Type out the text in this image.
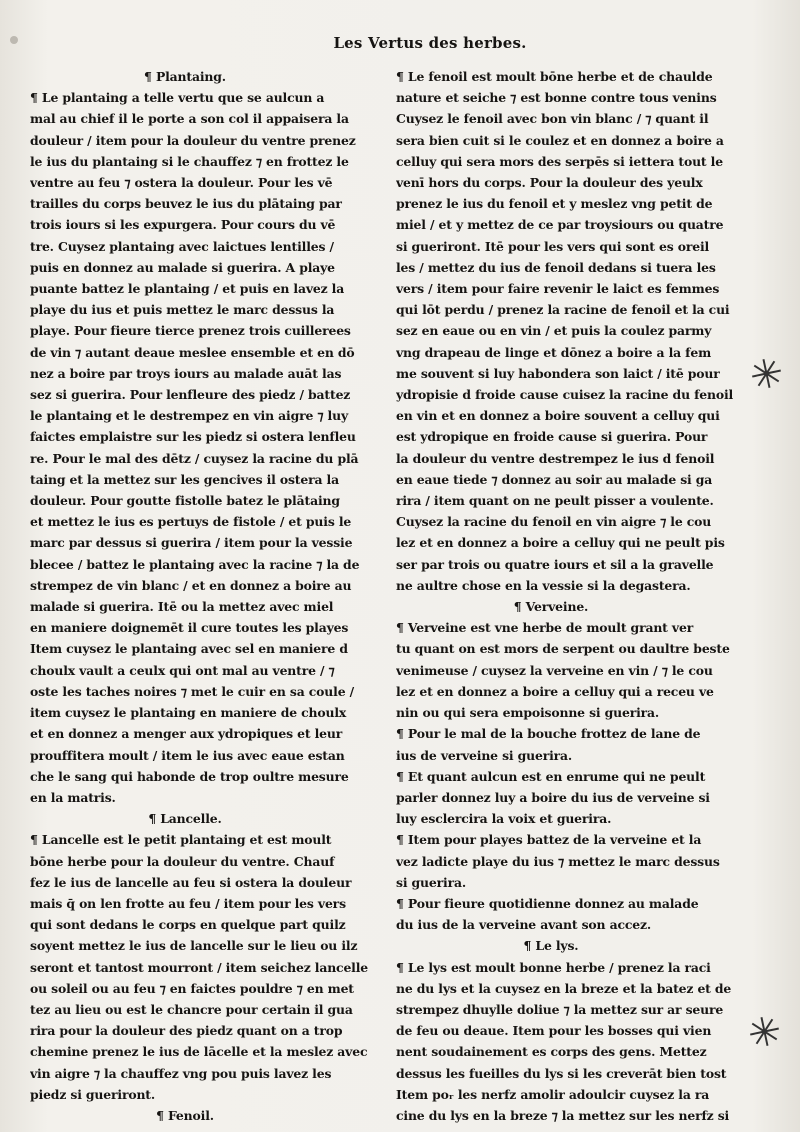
Les Vertus des herbes.
¶ Plantaing.
¶ Le plantaing a telle vertu que se aulcun a
mal au chief il le porte a son col il appaisera la
douleur / item pour la douleur du ventre prenez
le ius du plantaing si le chauffez ⁊ en frottez le
ventre au feu ⁊ ostera la douleur. Pour les vē
trailles du corps beuvez le ius du plātaing par
trois iours si les expurgera. Pour cours du vē
tre. Cuysez plantaing avec laictues lentilles /
puis en donnez au malade si guerira. A playe
puante battez le plantaing / et puis en lavez la
playe du ius et puis mettez le marc dessus la
playe. Pour fieure tierce prenez trois cuillerees
de vin ⁊ autant deaue meslee ensemble et en dō
nez a boire par troys iours au malade auāt las
sez si guerira. Pour lenfleure des piedz / battez
le plantaing et le destrempez en vin aigre ⁊ luy
faictes emplaistre sur les piedz si ostera lenfleu
re. Pour le mal des dētz / cuysez la racine du plā
taing et la mettez sur les gencives il ostera la
douleur. Pour goutte fistolle batez le plātaing
et mettez le ius es pertuys de fistole / et puis le
marc par dessus si guerira / item pour la vessie
blecee / battez le plantaing avec la racine ⁊ la de
strempez de vin blanc / et en donnez a boire au
malade si guerira. Itē ou la mettez avec miel
en maniere doignemēt il cure toutes les playes
Item cuysez le plantaing avec sel en maniere d
choulx vault a ceulx qui ont mal au ventre / ⁊
oste les taches noires ⁊ met le cuir en sa coule /
item cuysez le plantaing en maniere de choulx
et en donnez a menger aux ydropiques et leur
prouffitera moult / item le ius avec eaue estan
che le sang qui habonde de trop oultre mesure
en la matris.
¶ Lancelle.
¶ Lancelle est le petit plantaing et est moult
bōne herbe pour la douleur du ventre. Chauf
fez le ius de lancelle au feu si ostera la douleur
mais q̄ on len frotte au feu / item pour les vers
qui sont dedans le corps en quelque part quilz
soyent mettez le ius de lancelle sur le lieu ou ilz
seront et tantost mourront / item seichez lancelle
ou soleil ou au feu ⁊ en faictes pouldre ⁊ en met
tez au lieu ou est le chancre pour certain il gua
rira pour la douleur des piedz quant on a trop
chemine prenez le ius de lācelle et la meslez avec
vin aigre ⁊ la chauffez vng pou puis lavez les
piedz si gueriront.
¶ Fenoil.
¶ Le fenoil est moult bōne herbe et de chaulde
nature et seiche ⁊ est bonne contre tous venins
Cuysez le fenoil avec bon vin blanc / ⁊ quant il
sera bien cuit si le coulez et en donnez a boire a
celluy qui sera mors des serpēs si iettera tout le
venī hors du corps. Pour la douleur des yeulx
prenez le ius du fenoil et y meslez vng petit de
miel / et y mettez de ce par troysiours ou quatre
si gueriront. Itē pour les vers qui sont es oreil
les / mettez du ius de fenoil dedans si tuera les
vers / item pour faire revenir le laict es femmes
qui lōt perdu / prenez la racine de fenoil et la cui
sez en eaue ou en vin / et puis la coulez parmy
vng drapeau de linge et dōnez a boire a la fem
me souvent si luy habondera son laict / itē pour
ydropisie d froide cause cuisez la racine du fenoil
en vin et en donnez a boire souvent a celluy qui
est ydropique en froide cause si guerira. Pour
la douleur du ventre destrempez le ius d fenoil
en eaue tiede ⁊ donnez au soir au malade si ga
rira / item quant on ne peult pisser a voulente.
Cuysez la racine du fenoil en vin aigre ⁊ le cou
lez et en donnez a boire a celluy qui ne peult pis
ser par trois ou quatre iours et sil a la gravelle
ne aultre chose en la vessie si la degastera.
¶ Verveine.
¶ Verveine est vne herbe de moult grant ver
tu quant on est mors de serpent ou daultre beste
venimeuse / cuysez la verveine en vin / ⁊ le cou
lez et en donnez a boire a celluy qui a receu ve
nin ou qui sera empoisonne si guerira.
¶ Pour le mal de la bouche frottez de lane de
ius de verveine si guerira.
¶ Et quant aulcun est en enrume qui ne peult
parler donnez luy a boire du ius de verveine si
luy esclercira la voix et guerira.
¶ Item pour playes battez de la verveine et la
vez ladicte playe du ius ⁊ mettez le marc dessus
si guerira.
¶ Pour fieure quotidienne donnez au malade
du ius de la verveine avant son accez.
¶ Le lys.
¶ Le lys est moult bonne herbe / prenez la raci
ne du lys et la cuysez en la breze et la batez et de
strempez dhuylle doliue ⁊ la mettez sur ar seure
de feu ou deaue. Item pour les bosses qui vien
nent soudainement es corps des gens. Mettez
dessus les fueilles du lys si les creverāt bien tost
Item poᵣ les nerfz amolir adoulcir cuysez la ra
cine du lys en la breze ⁊ la mettez sur les nerfz si
✳
✳
